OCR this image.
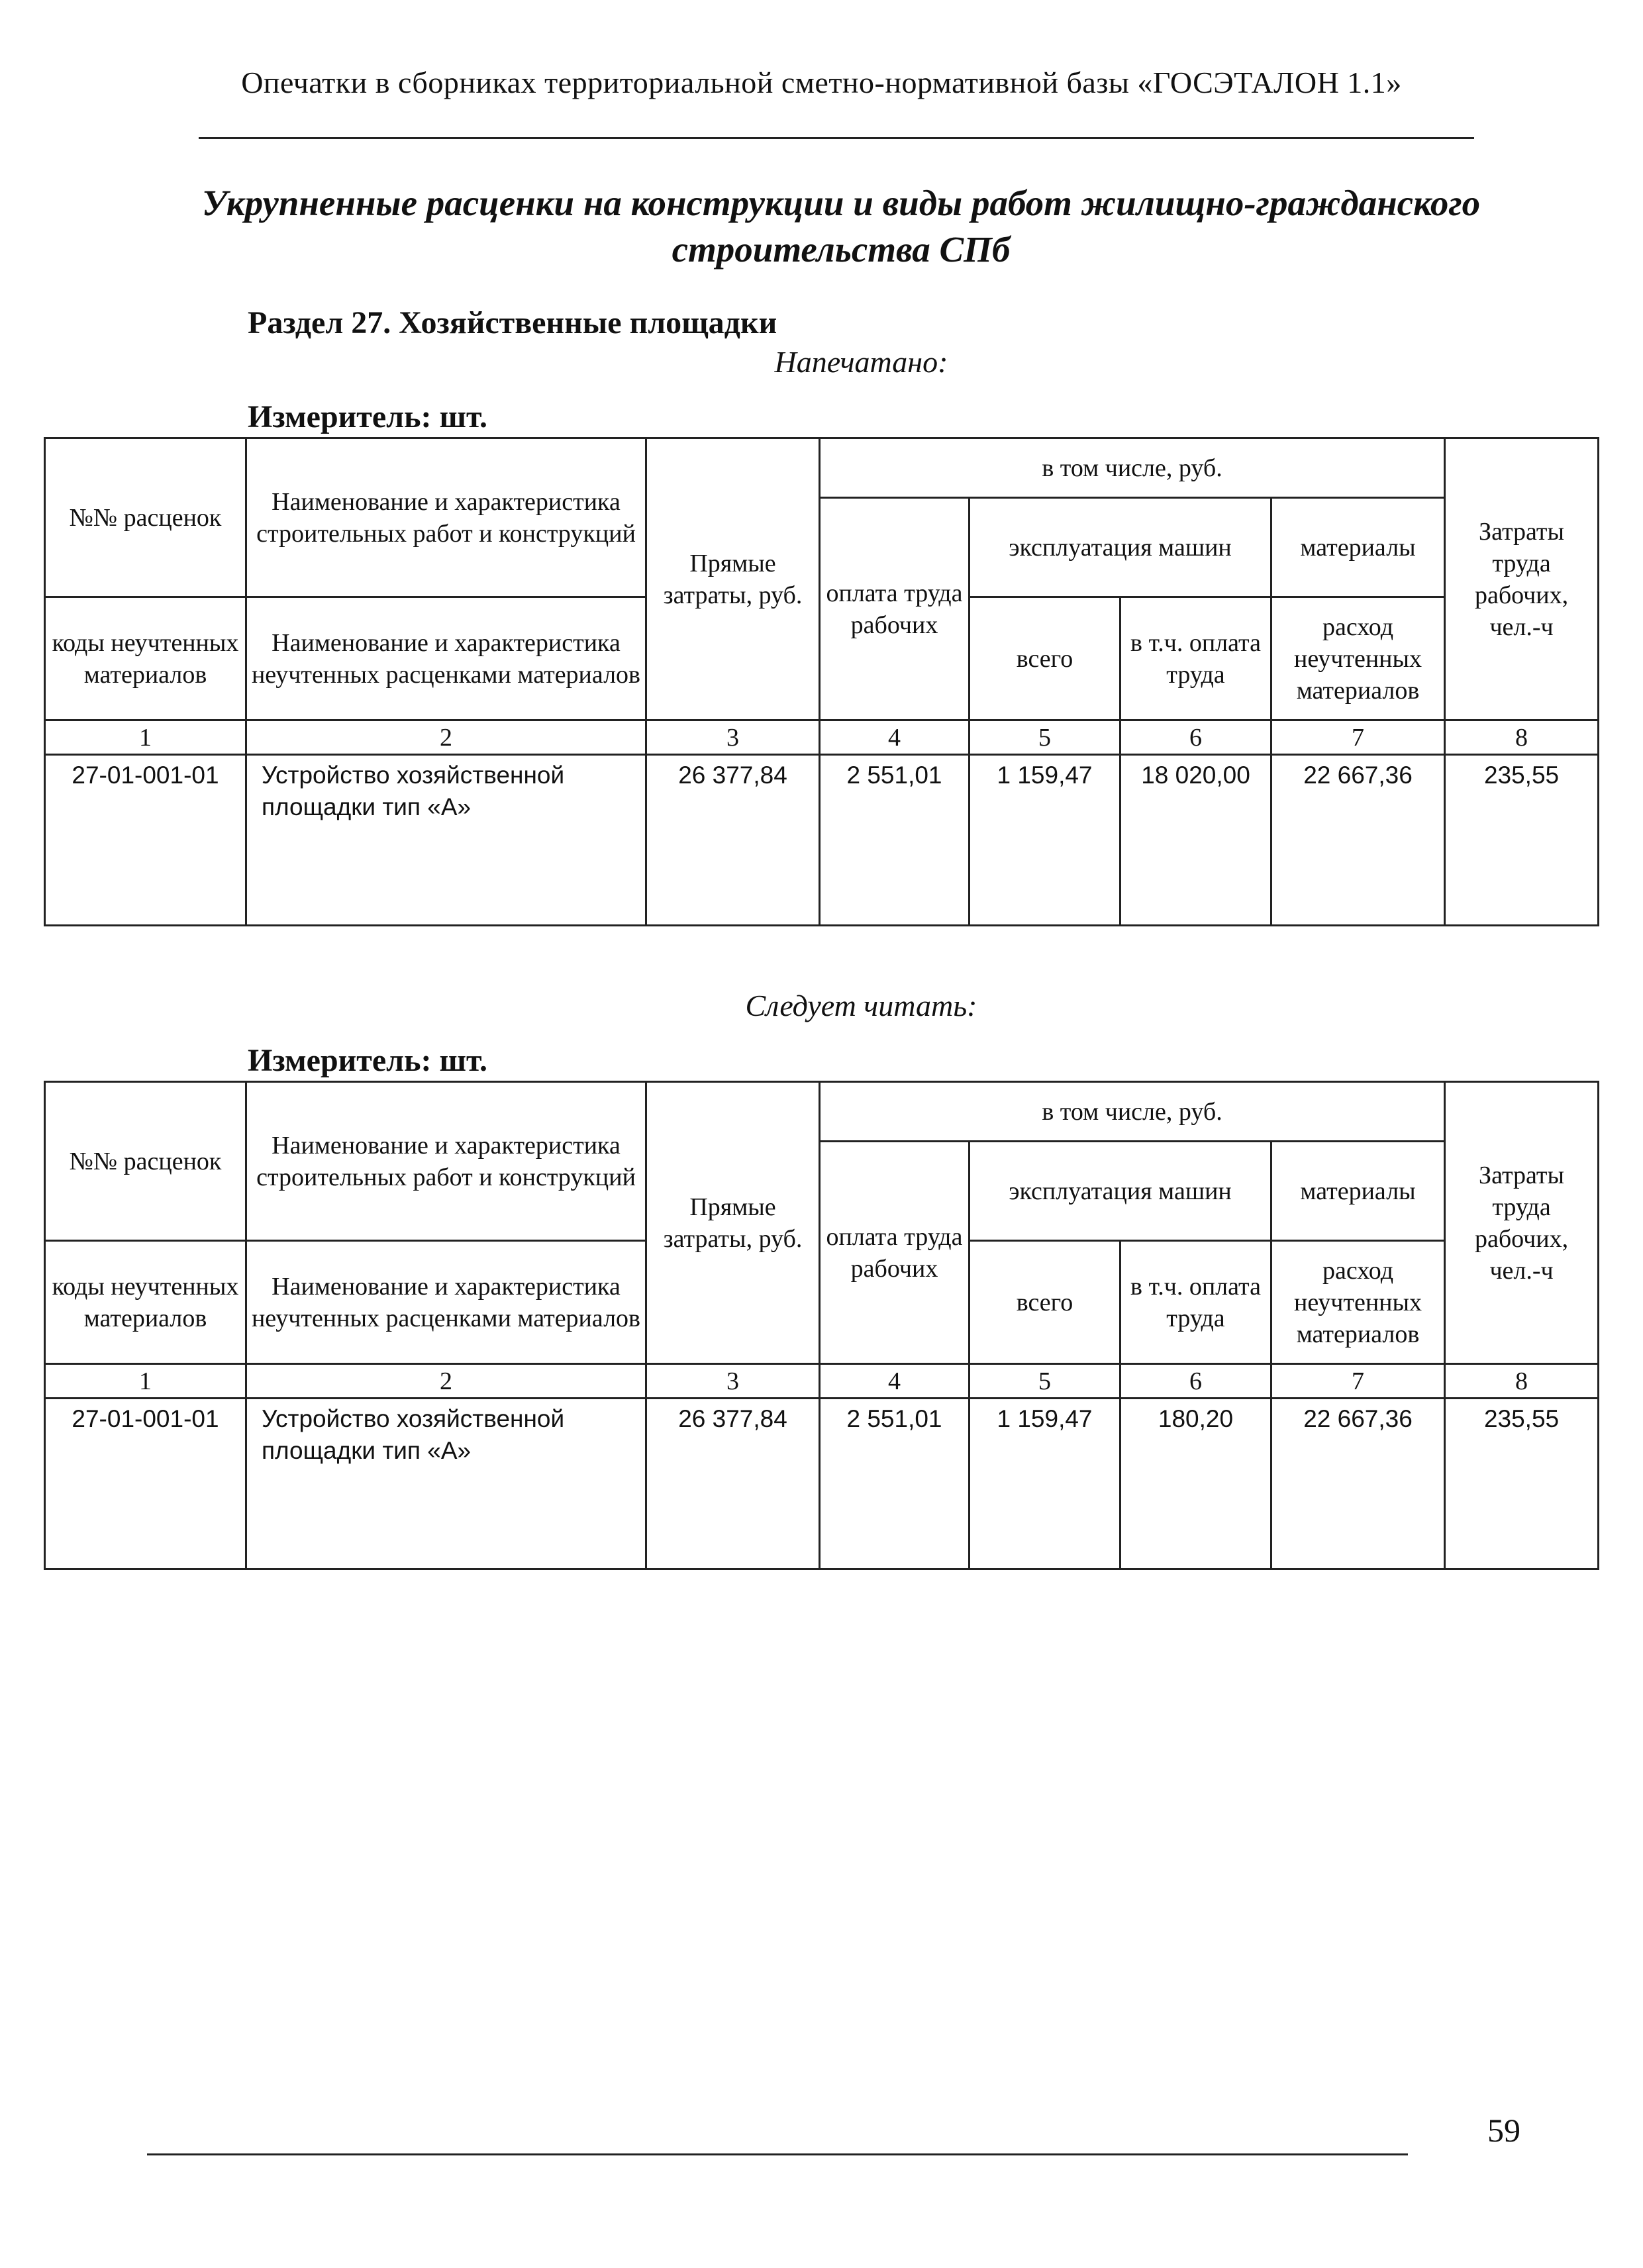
Опечатки в сборниках территориальной сметно-нормативной базы «ГОСЭТАЛОН 1.1»
Укрупненные расценки на конструкции и виды работ жилищно-гражданского
строительства СПб
Раздел 27. Хозяйственные площадки
Напечатано:
Измеритель: шт.
№№ расценок	Наименование и характеристика строительных работ и конструкций	Прямые затраты, руб.	в том числе, руб.				Затраты труда рабочих, чел.-ч
			оплата труда рабочих	эксплуатация машин		материалы	
коды неучтенных материалов	Наименование и характеристика неучтенных расценками материалов			всего	в т.ч. оплата труда	расход неучтенных материалов	

1	2	3	4	5	6	7	8
27-01-001-01	Устройство хозяйственной площадки тип «А»	26 377,84	2 551,01	1 159,47	18 020,00	22 667,36	235,55
Следует читать:
Измеритель: шт.
№№ расценок	Наименование и характеристика строительных работ и конструкций	Прямые затраты, руб.	в том числе, руб.				Затраты труда рабочих, чел.-ч
			оплата труда рабочих	эксплуатация машин		материалы	
коды неучтенных материалов	Наименование и характеристика неучтенных расценками материалов			всего	в т.ч. оплата труда	расход неучтенных материалов	

1	2	3	4	5	6	7	8
27-01-001-01	Устройство хозяйственной площадки тип «А»	26 377,84	2 551,01	1 159,47	180,20	22 667,36	235,55
59
